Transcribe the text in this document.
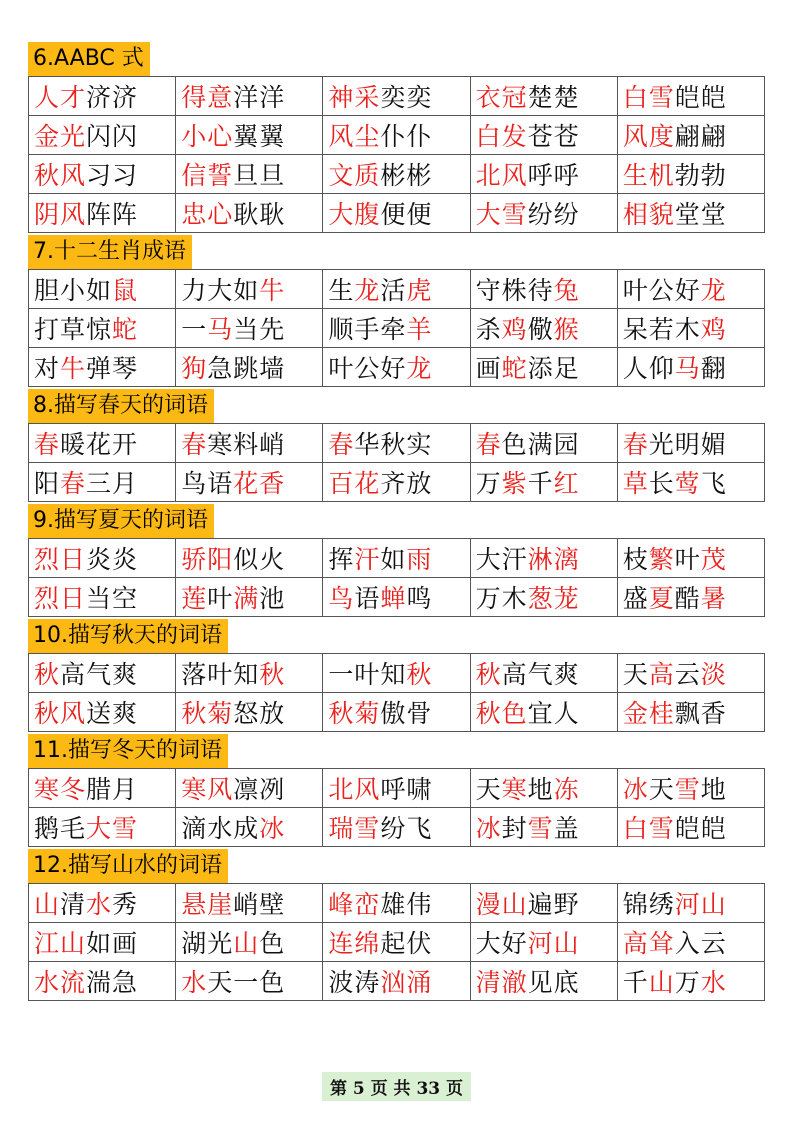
6.AABC 式
人才济济	得意洋洋	神采奕奕	衣冠楚楚	白雪皑皑
金光闪闪	小心翼翼	风尘仆仆	白发苍苍	风度翩翩
秋风习习	信誓旦旦	文质彬彬	北风呼呼	生机勃勃
阴风阵阵	忠心耿耿	大腹便便	大雪纷纷	相貌堂堂
7.十二生肖成语
胆小如鼠	力大如牛	生龙活虎	守株待兔	叶公好龙
打草惊蛇	一马当先	顺手牵羊	杀鸡儆猴	呆若木鸡
对牛弹琴	狗急跳墙	叶公好龙	画蛇添足	人仰马翻
8.描写春天的词语
春暖花开	春寒料峭	春华秋实	春色满园	春光明媚
阳春三月	鸟语花香	百花齐放	万紫千红	草长莺飞
9.描写夏天的词语
烈日炎炎	骄阳似火	挥汗如雨	大汗淋漓	枝繁叶茂
烈日当空	莲叶满池	鸟语蝉鸣	万木葱茏	盛夏酷暑
10.描写秋天的词语
秋高气爽	落叶知秋	一叶知秋	秋高气爽	天高云淡
秋风送爽	秋菊怒放	秋菊傲骨	秋色宜人	金桂飘香
11.描写冬天的词语
寒冬腊月	寒风凛冽	北风呼啸	天寒地冻	冰天雪地
鹅毛大雪	滴水成冰	瑞雪纷飞	冰封雪盖	白雪皑皑
12.描写山水的词语
山清水秀	悬崖峭壁	峰峦雄伟	漫山遍野	锦绣河山
江山如画	湖光山色	连绵起伏	大好河山	高耸入云
水流湍急	水天一色	波涛汹涌	清澈见底	千山万水
第 5 页 共 33 页
